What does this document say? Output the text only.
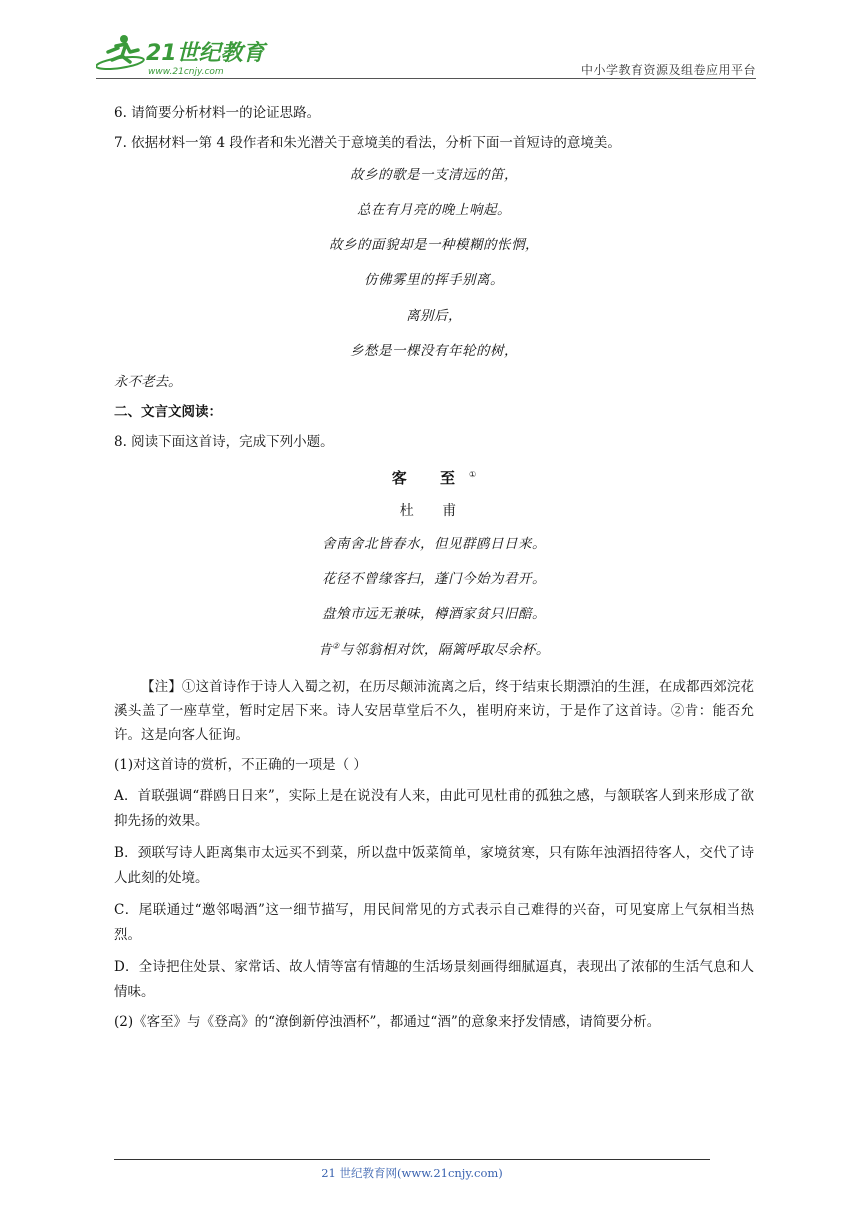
21世纪教育
www.21cnjy.com	中小学教育资源及组卷应用平台

6. 请简要分析材料一的论证思路。

7. 依据材料一第 4 段作者和朱光潜关于意境美的看法，分析下面一首短诗的意境美。

故乡的歌是一支清远的笛，

总在有月亮的晚上响起。

故乡的面貌却是一种模糊的怅惘，

仿佛雾里的挥手别离。

离别后，

乡愁是一棵没有年轮的树，

永不老去。

二、文言文阅读：

8. 阅读下面这首诗，完成下列小题。

客 至①
杜 甫

舍南舍北皆春水，但见群鸥日日来。

花径不曾缘客扫，蓬门今始为君开。

盘飧市远无兼味，樽酒家贫只旧醅。

肯②与邻翁相对饮，隔篱呼取尽余杯。

【注】①这首诗作于诗人入蜀之初，在历尽颠沛流离之后，终于结束长期漂泊的生涯，在成都西郊浣花溪头盖了一座草堂，暂时定居下来。诗人安居草堂后不久，崔明府来访，于是作了这首诗。②肯：能否允许。这是向客人征询。

(1)对这首诗的赏析，不正确的一项是（ ）

A．首联强调“群鸥日日来”，实际上是在说没有人来，由此可见杜甫的孤独之感，与颔联客人到来形成了欲抑先扬的效果。

B．颈联写诗人距离集市太远买不到菜，所以盘中饭菜简单，家境贫寒，只有陈年浊酒招待客人，交代了诗人此刻的处境。

C．尾联通过“邀邻喝酒”这一细节描写，用民间常见的方式表示自己难得的兴奋，可见宴席上气氛相当热烈。

D．全诗把住处景、家常话、故人情等富有情趣的生活场景刻画得细腻逼真，表现出了浓郁的生活气息和人情味。

(2)《客至》与《登高》的“潦倒新停浊酒杯”，都通过“酒”的意象来抒发情感，请简要分析。

21 世纪教育网(www.21cnjy.com)
